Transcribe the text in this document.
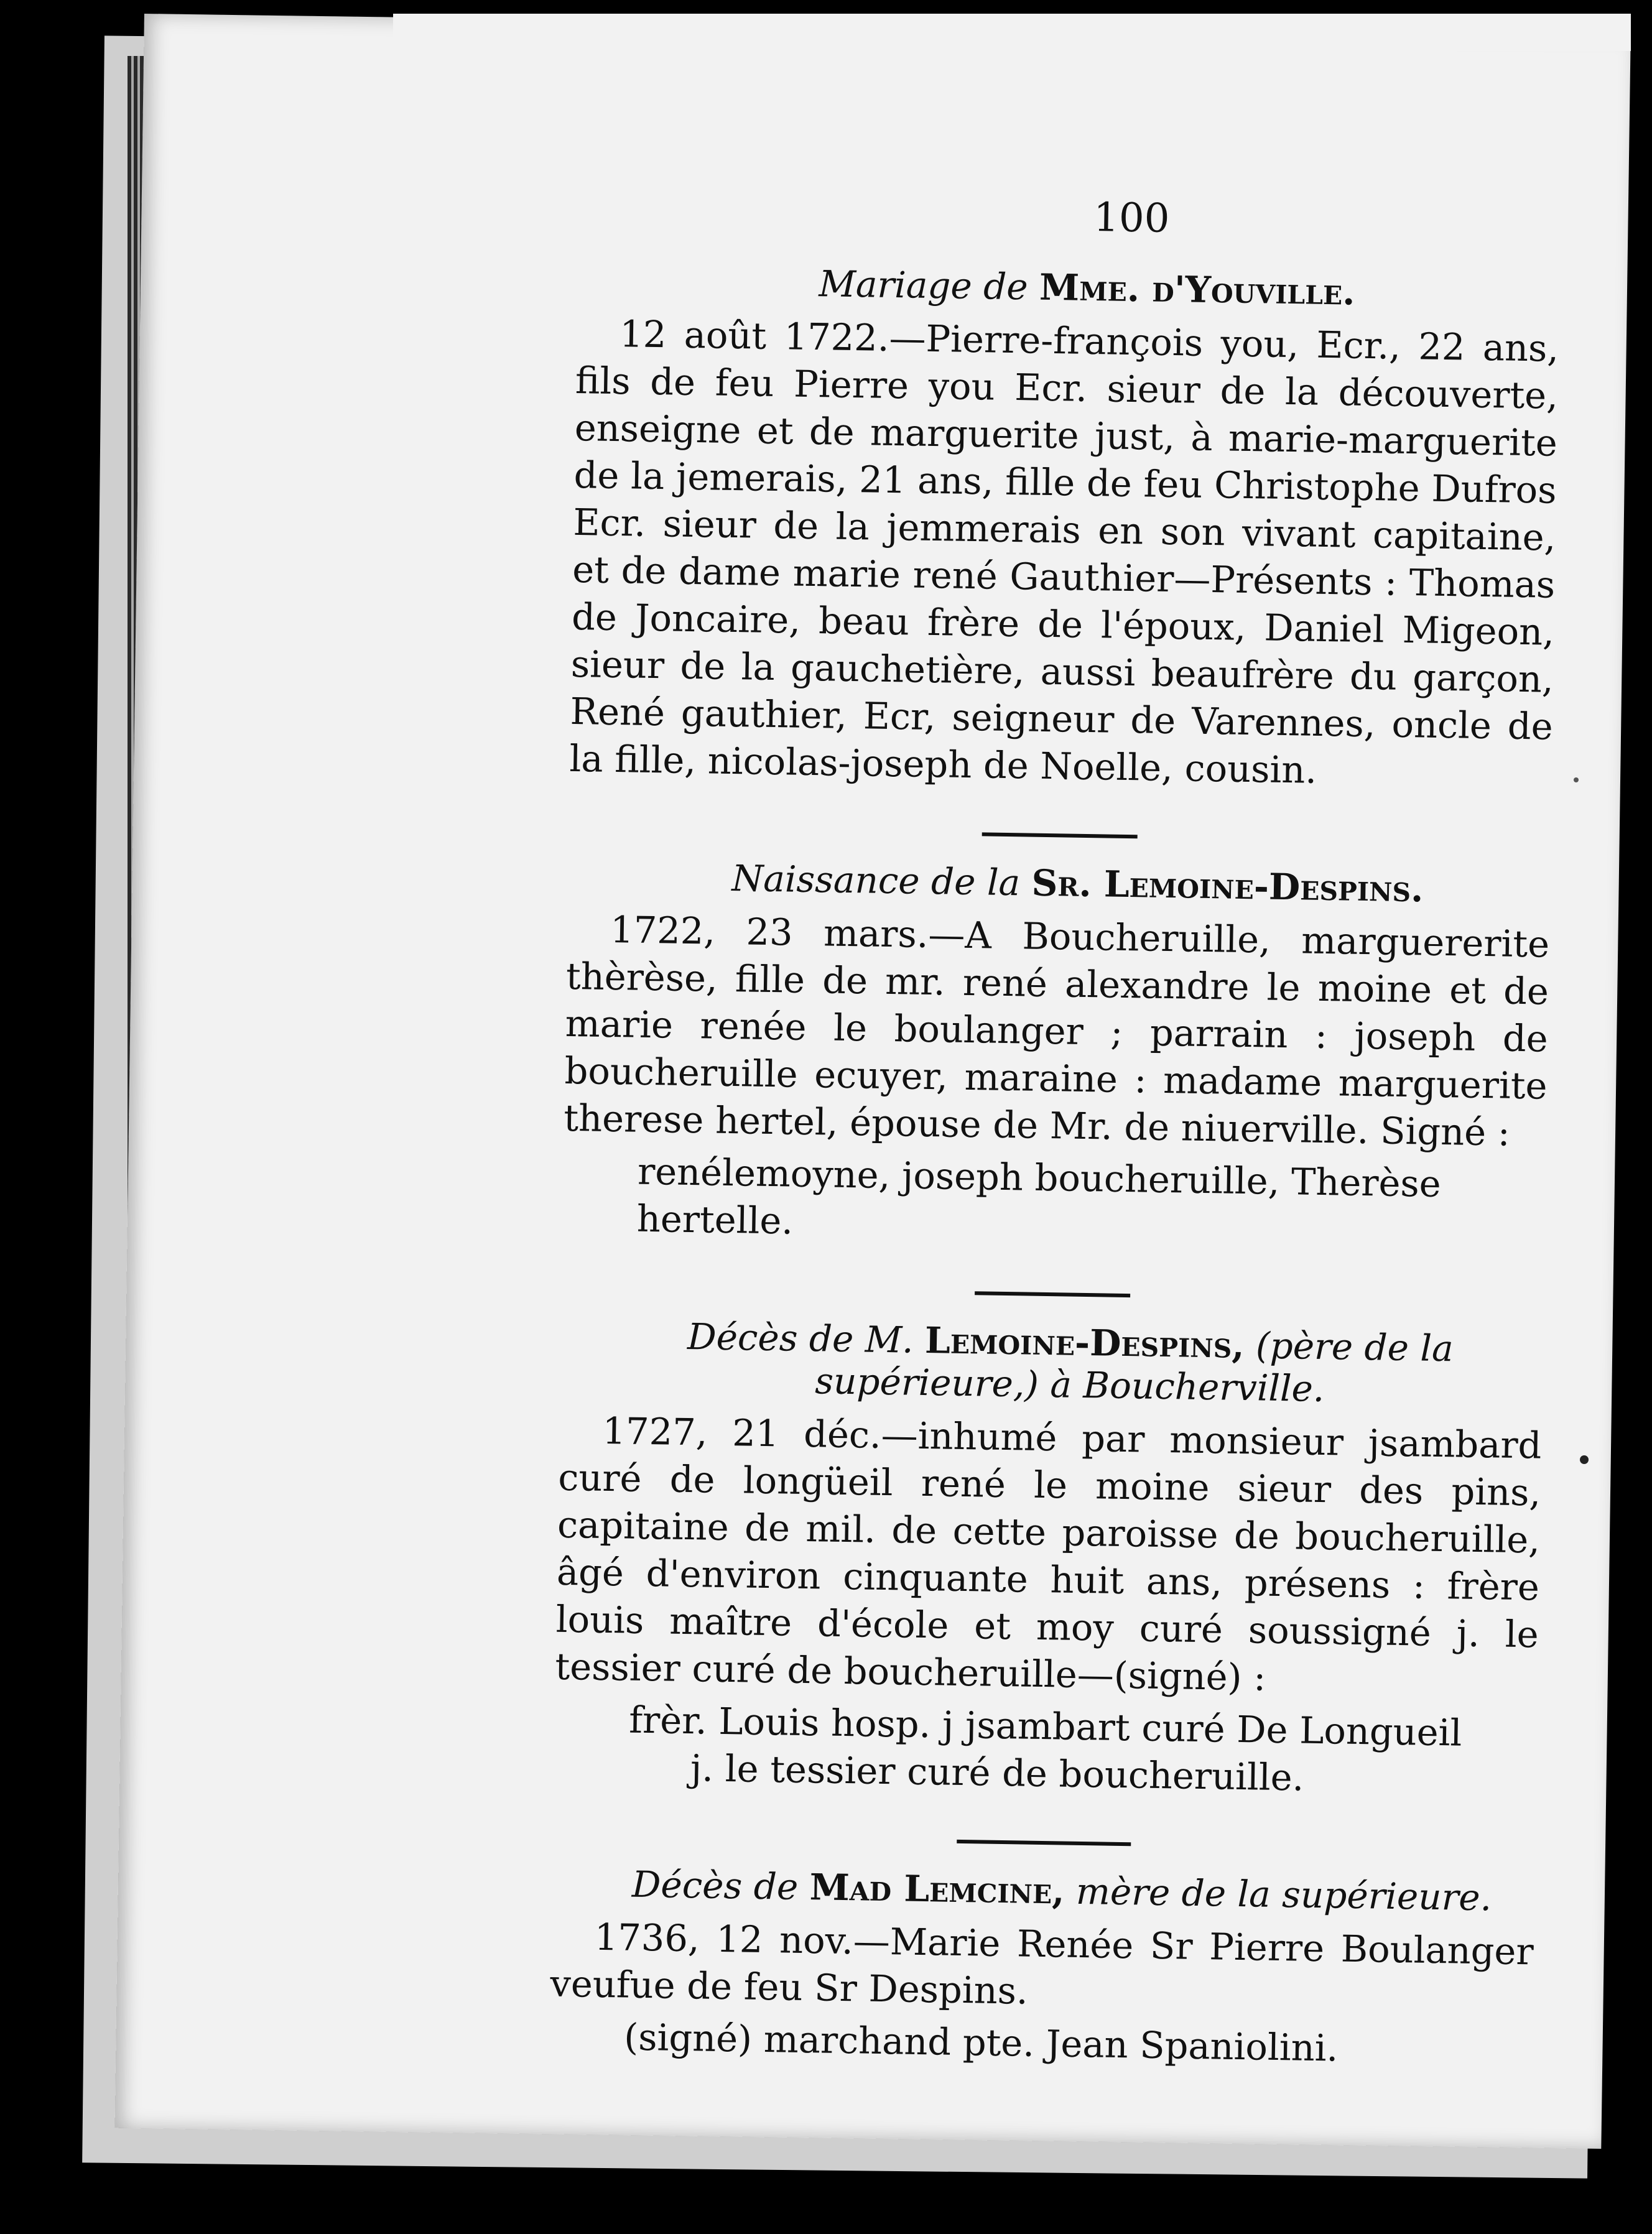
100

Mariage de Mme. d'Youville.

12 août 1722.—Pierre-françois you, Ecr., 22 ans, fils de feu Pierre you Ecr. sieur de la découverte, enseigne et de marguerite just, à marie-marguerite de la jemerais, 21 ans, fille de feu Christophe Dufros Ecr. sieur de la jemmerais en son vivant capitaine, et de dame marie rené Gauthier—Présents : Thomas de Joncaire, beau frère de l'époux, Daniel Migeon, sieur de la gauchetière, aussi beaufrère du garçon, René gauthier, Ecr, seigneur de Varennes, oncle de la fille, nicolas-joseph de Noelle, cousin.

Naissance de la Sr. Lemoine-Despins.

1722, 23 mars.—A Boucheruille, marguererite thèrèse, fille de mr. rené alexandre le moine et de marie renée le boulanger ; parrain : joseph de boucheruille ecuyer, maraine : madame marguerite therese hertel, épouse de Mr. de niuerville. Signé :

renélemoyne, joseph boucheruille, Therèse hertelle.

Décès de M. Lemoine-Despins, (père de la supérieure,) à Boucherville.

1727, 21 déc.—inhumé par monsieur jsambard curé de longüeil rené le moine sieur des pins, capitaine de mil. de cette paroisse de boucheruille, âgé d'environ cinquante huit ans, présens : frère louis maître d'école et moy curé soussigné j. le tessier curé de boucheruille—(signé) :

frèr. Louis hosp. j jsambart curé De Longueil

j. le tessier curé de boucheruille.

Décès de Mad Lemcine, mère de la supérieure.

1736, 12 nov.—Marie Renée Sr Pierre Boulanger veufue de feu Sr Despins.

(signé) marchand pte. Jean Spaniolini.
